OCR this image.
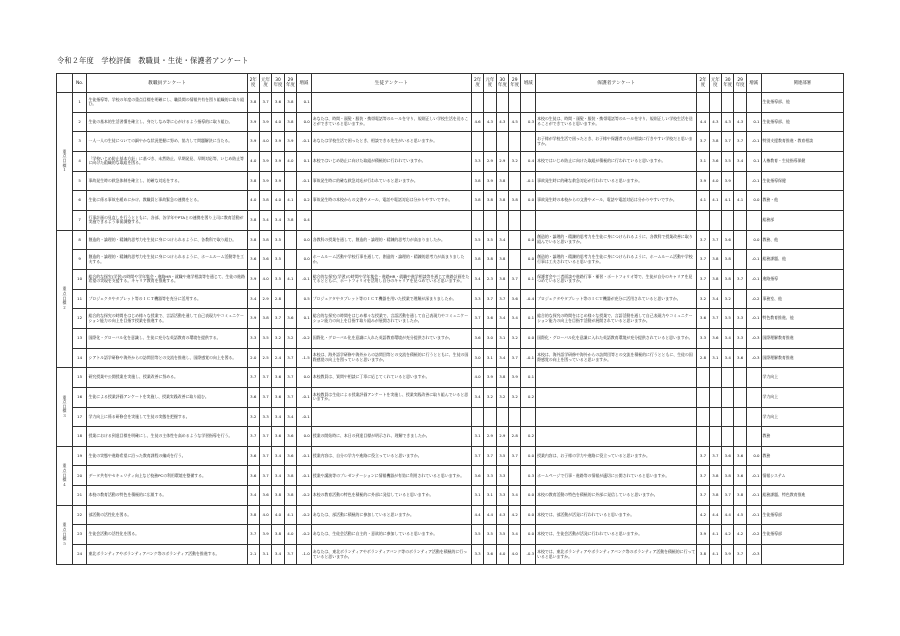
令和２年度　学校評価　教職員・生徒・保護者アンケート
	No.	教職員アンケート	2年度	元年度	30年度	29年度	増減	生徒アンケート	2年度	元年度	30年度	29年度	増減	保護者アンケート	2年度	元年度	30年度	29年度	増減	関連部署
重点目標１	1	生徒指導等、学校の年度の重点目標を明確にし、職員間の情報共有を図り組織的に取り組む。	3.8	3.7	3.6	3.8	0.1													生徒指導部、他
	2	生徒の基本的生活習慣を確立し、身だしなみ等に心がけるよう指導的に取り組む。	3.9	3.9	4.0	3.8	0.0	あなたは、時間・頭髪・服装・携帯電話等のルールを守り、規則正しい学校生活を送ることができていると思いますか。	4.6	4.3	4.3	4.5	0.3	本校の生徒は、時間・頭髪・服装・携帯電話等のルールを守り、規則正しい学校生活を送ることができていると思いますか。	4.4	4.3	4.3	4.3	0.1	生徒指導部、他
	3	一人一人の生徒についての細やかな状況把握に努め、協力して問題解決に当たる。	3.9	4.0	3.9	3.9	-0.1	あなたは学校生活で困ったとき、相談できる先生がいると思いますか。						お子様が学校生活で困ったとき、お子様や保護者の方が相談に行きやすい学校だと思いますか。	3.7	3.8	3.7	3.7	-0.1	特別支援教育推進・教育相談
	4	「学校いじめ防止基本方針」に基づき、未然防止、早期発見、早期対応等、いじめ防止等に向けた組織的な取組を図る。	4.0	3.9	3.9	4.0	0.1	本校ではいじめ防止に向けた取組が積極的に行われていますか。	3.3	2.9	2.9	3.2	0.4	本校ではいじめ防止に向けた取組が積極的に行われていると思いますか。	3.1	3.6	3.5	3.4	0.1	人権教育・生徒指導保健
	5	事故発生時の救急体制を確立し、的確な対応をする。	3.8	3.9	3.9		-0.1	事故発生時に的確な救急対応が行われていると思いますか。	3.8	3.9	3.8		-0.1	事故発生時に的確な救急対応が行われていると思いますか。	3.9	4.0	3.9		-0.1	生徒指導保健
	6	生徒に係る事故を緩めにかけ、教職員と事故緊急の連携をとる。	4.0	3.8	4.0	4.1	0.2	事故発生時の本校からの文書やメール、電話や電話対応は分かりやすいですか。	3.8	3.8	3.8	3.8	0.0	事故発生時の本校からの文書やメール、電話や電話対応は分かりやすいですか。	4.1	4.1	4.1	4.1	0.0	教務・他
	7	行事計画の見直しを行うとともに、各部、各学年やPTAとの連携を図り上司に教育活動が実施できるよう事前調整する。	3.8	3.4	3.4	3.8	0.4													総務部
重点目標２	8	創造的・論理的・精錬的思考力を生徒に身につけられるように、各教科で取り組む。	3.8	3.8	3.5		0.0	各教科の授業を通して、創造的・論理的・精錬的思考力が高まりましたか。	3.5	3.5	3.4		0.0	創造的・論理的・精錬的思考力を生徒に身につけられるように、各教科で授業改善に取り組んでいると思いますか。	3.7	3.7	3.6		0.0	教務、他
	9	創造的・論理的・精錬的思考力を生徒に身につけられるように、ホームルーム活動等を工夫する。	3.6	3.6	3.5		0.0	ホームルーム活動や学校行事を通して、創造的・論理的・精錬的思考力が高まりましたか。	3.8	3.8	3.8		0.0	創造的・論理的・精錬的思考力を生徒に身につけられるように、ホームルーム活動や学校行事は工夫されていると思いますか。	3.7	3.8	3.8		-0.1	総務課題、他
	10	総合的な探究(学習)の時間や学年集会・進路HR・就職や進学相談等を通じて、生徒の進路希望の実現を支援する。キャリア教育を推進する。	3.9	4.0	3.5	4.1	-0.1	総合的な探究(学習)の時間や学年集会・進路HR・就職や進学相談等を通じて進路計画をたてるとともに、ポートフォリオを活用し自分のキャリアを見つめていると思いますか。	3.4	2.3	3.8	3.7	0.1	保護者会や三者面談や進路行事・補習・ポートフォリオ等で、生徒が自分のキャリアを見つめていると思いますか。	3.7	3.8	3.8	3.7	-0.1	進路指導
	11	プロジェクタやタブレット等のＩＣＴ機器等を充分に活用する。	3.4	2.9	2.8		0.5	プロジェクタやタブレット等のＩＣＴ機器を用いた授業で理解が深まりましたか。	3.3	3.7	3.7	3.6	-0.4	プロジェクタやタブレット等のＩＣＴ機器が充分に活用されていると思いますか。	3.2	3.4	3.2		-0.2	事務室、他
	12	総合的な探究の時間をはじめ様々な授業で、言語活動を通して自己表現力やコミュニケーション能力の向上を目指す授業を推進する。	3.9	3.8	3.7	3.6	0.1	総合的な探究の時間をはじめ様々な授業で、言語活動を通して自己表現力やコミュニケーション能力の向上を目指す取り組みが展開されていましたか。	3.7	3.6	3.4	3.4	0.1	総合的な探究の時間をはじめ様々な授業で、言語活動を通して自己表現力やコミュニケーション能力の向上を目指す活動が展開されていると思いますか。	3.6	3.7	3.5	3.3	-0.1	特色教育推進、他
	13	国際化・グローバル化を意識し、生徒に充分な英語教育の環境を提供する。	3.3	3.5	3.2	3.2	-0.2	国際化・グローバル化を意識に入れた英語教育環境が充分提供されていますか。	3.6	3.0	3.1	3.2	0.0	国際化・グローバル化を意識に入れた英語教育環境が充分提供されていると思いますか。	3.3	3.6	3.4	3.3	-0.3	国際理解教育推進
	14	シアトル語学研修や海外からの訪問団等との交流を推進し、国際感覚の向上を図る。	2.0	2.5	2.4	3.7	-1.5	本校は、海外語学研修や海外からの訪問団等との交流を積極的に行うとともに、生徒の国際感覚の向上を図っていると思いますか。	3.0	3.1	3.4	3.7	-0.1	本校は、海外語学研修や海外からの訪問団等との交流を積極的に行うとともに、生徒の国際感覚の向上を図っていると思いますか。	2.8	3.1	3.4	3.6	-0.3	国際理解教育推進
重点目標３	15	研究授業や公開授業を実施し、授業改善に努める。	3.7	3.7	3.6	3.7	0.0	本校教員は、質問や相談に丁寧に応じてくれていると思いますか。	4.0	3.9	3.8	3.9	0.1							学力向上
	16	生徒による授業評価アンケートを実施し、授業実践改善に取り組む。	3.6	3.7	3.6	3.7	-0.1	本校教員は生徒による授業評価アンケートを実施し、授業実践改善に取り組んでいると思いますか。	3.4	3.2	3.2	3.2	0.2							学力向上
	17	学力向上に係る研修会を実施して生徒の実態を把握する。	3.2	3.3	3.4	3.4	-0.1													学力向上
	18	授業における到達目標を明確にし、生徒の主体性を高めるような学習指導を行う。	3.7	3.7	3.6	3.6	0.0	授業の開始時に、本日の到達目標が明示され、理解できましたか。	3.1	2.9	2.9	2.8	0.2							教務
重点目標４	19	生徒の実態や進路希望に沿った教育課程の編成を行う。	3.6	3.7	3.4	3.6	-0.1	授業内容は、自分の学力や進路に役立っていると思いますか。	3.7	3.7	3.5	3.7	0.0	授業内容は、お子様の学力や進路に役立っていると思いますか。	3.7	3.7	3.6	3.6	0.0	教務
	20	データ共有やセキュリティ向上など校務PCの利用環境を整備する。	3.6	3.7	3.4	3.8	-0.1	授業や講演等のプレゼンテーションに情報機器が有効に利用されていると思いますか。	3.6	3.3	3.3		0.3	ホームページで行事・進路等の情報が適切に公開されていると思いますか。	3.7	3.8	3.8	3.6	-0.1	情報システム
	21	本校の教育活動の特色を積極的に広報する。	3.4	3.6	3.8	3.8	-0.2	本校の教育活動の特色を積極的に外部に発信していると思いますか。	3.1	3.1	3.3	3.4	0.0	本校の教育活動の特色を積極的に外部に発信していると思いますか。	3.7	3.8	3.7	3.8	-0.1	総務課題、特色教育推進
重点目標５	22	部活動の活性化を図る。	3.8	4.0	4.0	4.1	-0.2	あなたは、部活動に積極的に参加していると思いますか。	4.4	4.4	4.3	4.2	0.0	本校では、部活動が活発に行われていると思いますか。	4.2	4.4	4.4	4.5	-0.1	生徒指導部
	23	生徒会活動の活性化を図る。	3.7	3.9	3.8	4.0	-0.2	あなたは、生徒会活動に自主的・意欲的に参加していると思いますか。	3.5	3.5	3.5	3.4	0.0	本校では、生徒会活動が活発に行われていると思いますか。	3.9	4.1	4.2	4.2	-0.2	生徒指導部
	24	東北ボランティアやボランティアバンク等のボランティア活動を推進する。	2.1	3.1	3.4	3.7	-1.0	あなたは、東北ボランティアやボランティアバンク等のボランティア活動を積極的に行っていると思いますか。	3.3	3.6	4.0	4.0	-0.3	本校では、東北ボランティアやボランティアバンク等のボランティア活動を積極的に行っていると思いますか。	3.8	4.1	3.9	3.7	-0.3	
